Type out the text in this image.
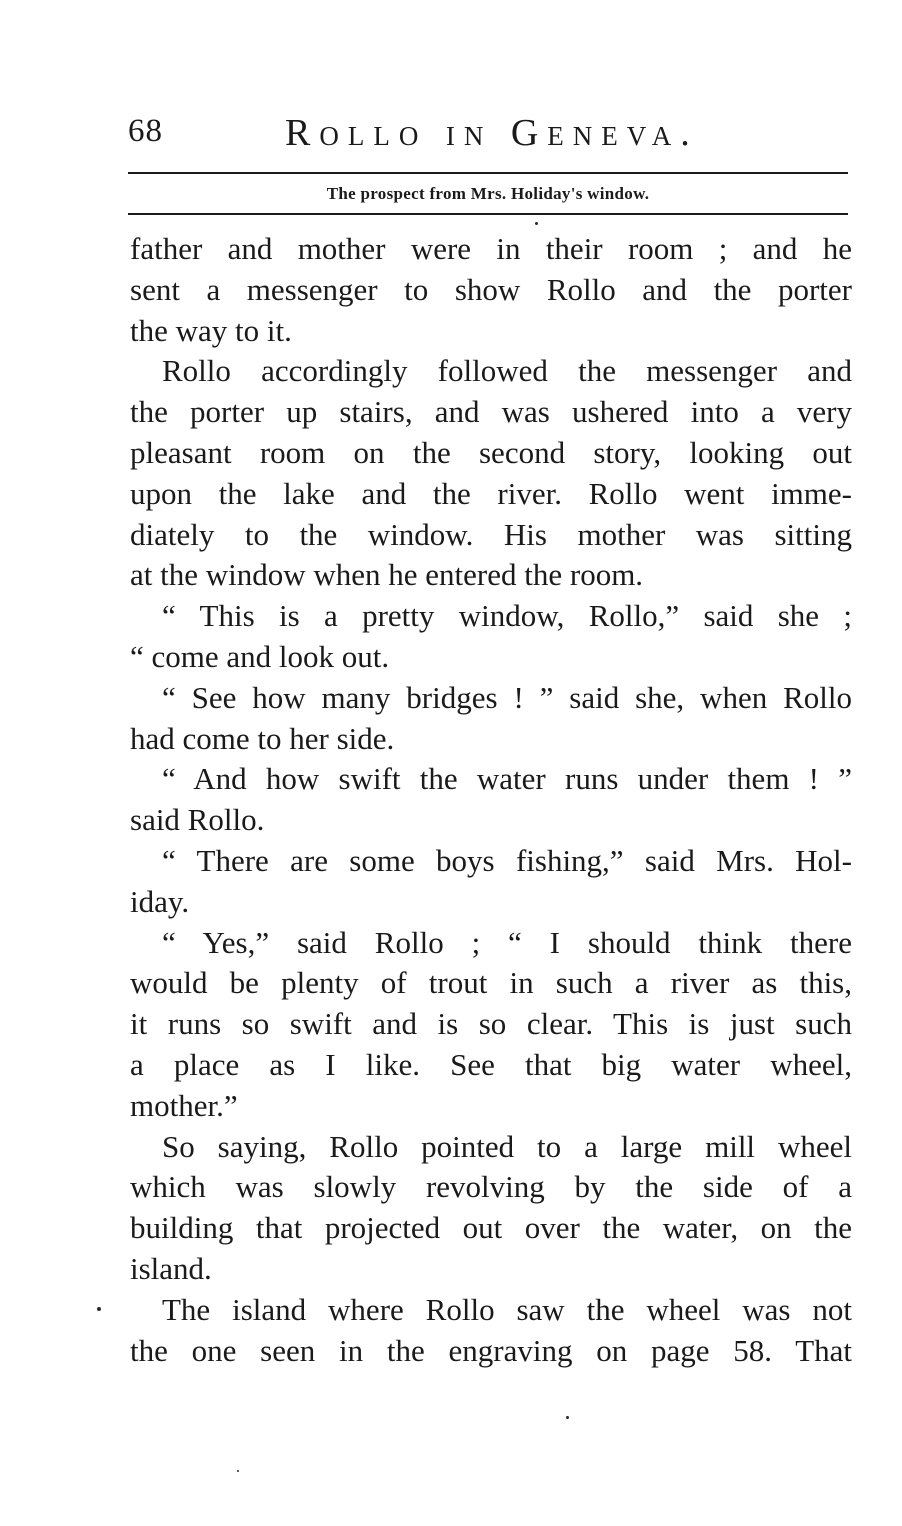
68	Rollo in Geneva.
The prospect from Mrs. Holiday's window.
father and mother were in their room ; and he
sent a messenger to show Rollo and the porter
the way to it.
Rollo accordingly followed the messenger and
the porter up stairs, and was ushered into a very
pleasant room on the second story, looking out
upon the lake and the river. Rollo went imme-
diately to the window. His mother was sitting
at the window when he entered the room.
“ This is a pretty window, Rollo,” said she ;
“ come and look out.
“ See how many bridges ! ” said she, when Rollo
had come to her side.
“ And how swift the water runs under them ! ”
said Rollo.
“ There are some boys fishing,” said Mrs. Hol-
iday.
“ Yes,” said Rollo ; “ I should think there
would be plenty of trout in such a river as this,
it runs so swift and is so clear. This is just such
a place as I like. See that big water wheel,
mother.”
So saying, Rollo pointed to a large mill wheel
which was slowly revolving by the side of a
building that projected out over the water, on the
island.
The island where Rollo saw the wheel was not
the one seen in the engraving on page 58. That
